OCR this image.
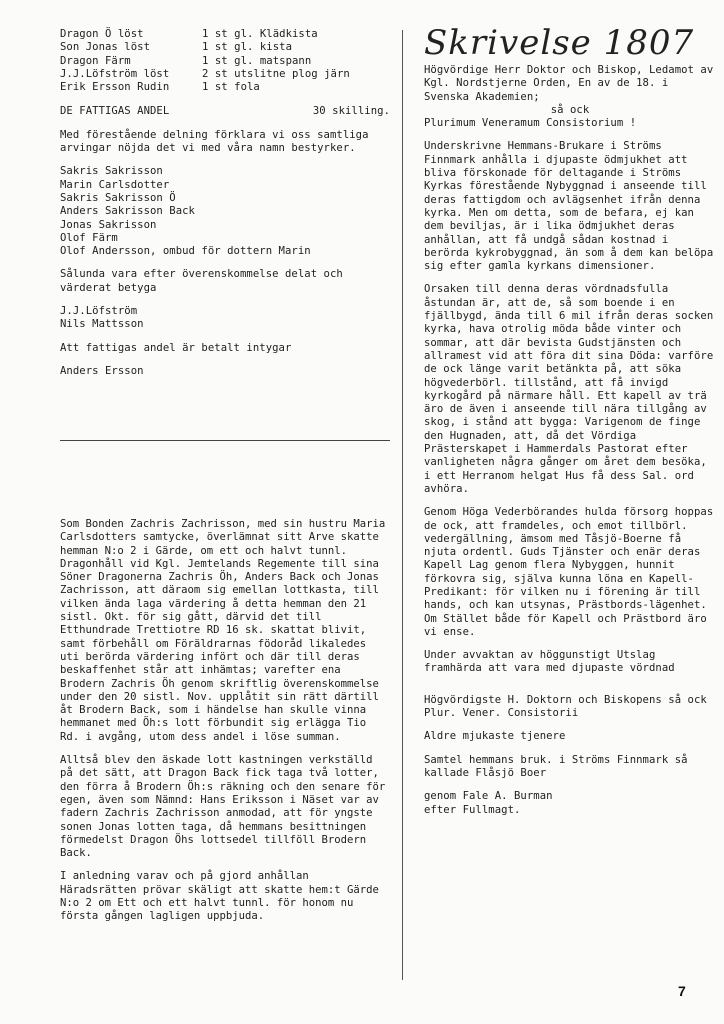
Dragon Ö löst	1 st gl. Klädkista
Son Jonas löst	1 st gl. kista
Dragon Färm	1 st gl. matspann
J.J.Löfström löst	2 st utslitne plog järn
Erik Ersson Rudin	1 st fola
DE FATTIGAS ANDEL	30 skilling.
Med förestående delning förklara vi oss samtliga arvingar nöjda det vi med våra namn bestyrker.
Sakris Sakrisson
Marin Carlsdotter
Sakris Sakrisson Ö
Anders Sakrisson Back
Jonas Sakrisson
Olof Färm
Olof Andersson, ombud för dottern Marin
Sålunda vara efter överenskommelse delat och värderat betyga
J.J.Löfström
Nils Mattsson
Att fattigas andel är betalt intygar
Anders Ersson
Som Bonden Zachris Zachrisson, med sin hustru Maria Carlsdotters samtycke, överlämnat sitt Arve skatte hemman N:o 2 i Gärde, om ett och halvt tunnl. Dragonhåll vid Kgl. Jemtelands Regemente till sina Söner Dragonerna Zachris Öh, Anders Back och Jonas Zachrisson, att däraom sig emellan lottkasta, till vilken ända laga värdering å detta hemman den 21 sistl. Okt. för sig gått, därvid det till Etthundrade Trettiotre RD 16 sk. skattat blivit, samt förbehåll om Föräldrarnas födoråd likaledes uti berörda värdering infört och där till deras beskaffenhet står att inhämtas; varefter ena Brodern Zachris Öh genom skriftlig överenskommelse under den 20 sistl. Nov. upplåtit sin rätt därtill åt Brodern Back, som i händelse han skulle vinna hemmanet med Öh:s lott förbundit sig erlägga Tio Rd. i avgång, utom dess andel i löse summan.
Alltså blev den äskade lott kastningen verkställd på det sätt, att Dragon Back fick taga två lotter, den förra å Brodern Öh:s räkning och den senare för egen, även som Nämnd: Hans Eriksson i Näset var av fadern Zachris Zachrisson anmodad, att för yngste sonen Jonas lotten taga, då hemmans besittningen förmedelst Dragon Öhs lottsedel tillföll Brodern Back.
I anledning varav och på gjord anhållan Häradsrätten prövar skäligt att skatte hem:t Gärde N:o 2 om Ett och ett halvt tunnl. för honom nu första gången lagligen uppbjuda.
Skrivelse 1807
Högvördige Herr Doktor och Biskop, Ledamot av Kgl. Nordstjerne Orden, En av de 18. i Svenska Akademien;
så ock
Plurimum Veneramum Consistorium !
Underskrivne Hemmans-Brukare i Ströms Finnmark anhålla i djupaste ödmjukhet att bliva förskonade för deltagande i Ströms Kyrkas förestående Nybyggnad i anseende till deras fattigdom och avlägsenhet ifrån denna kyrka. Men om detta, som de befara, ej kan dem beviljas, är i lika ödmjukhet deras anhållan, att få undgå sådan kostnad i berörda kykrobyggnad, än som å dem kan belöpa sig efter gamla kyrkans dimensioner.
Orsaken till denna deras vördnadsfulla åstundan är, att de, så som boende i en fjällbygd, ända till 6 mil ifrån deras socken kyrka, hava otrolig möda både vinter och sommar, att där bevista Gudstjänsten och allramest vid att föra dit sina Döda: varföre de ock länge varit betänkta på, att söka högvederbörl. tillstånd, att få invigd kyrkogård på närmare håll. Ett kapell av trä äro de även i anseende till nära tillgång av skog, i stånd att bygga: Varigenom de finge den Hugnaden, att, då det Vördiga Prästerskapet i Hammerdals Pastorat efter vanligheten några gånger om året dem besöka, i ett Herranom helgat Hus få dess Sal. ord avhöra.
Genom Höga Vederbörandes hulda försorg hoppas de ock, att framdeles, och emot tillbörl. vedergällning, ämsom med Tåsjö-Boerne få njuta ordentl. Guds Tjänster och enär deras Kapell Lag genom flera Nybyggen, hunnit förkovra sig, själva kunna löna en Kapell-Predikant: för vilken nu i förening är till hands, och kan utsynas, Prästbords-lägenhet. Om Stället både för Kapell och Prästbord äro vi ense.
Under avvaktan av höggunstigt Utslag framhärda att vara med djupaste vördnad
Högvördigste H. Doktorn och Biskopens så ock
Plur. Vener. Consistorii
Aldre mjukaste tjenere
Samtel hemmans bruk. i Ströms Finnmark så kallade Flåsjö Boer
genom Fale A. Burman
efter Fullmagt.
7
